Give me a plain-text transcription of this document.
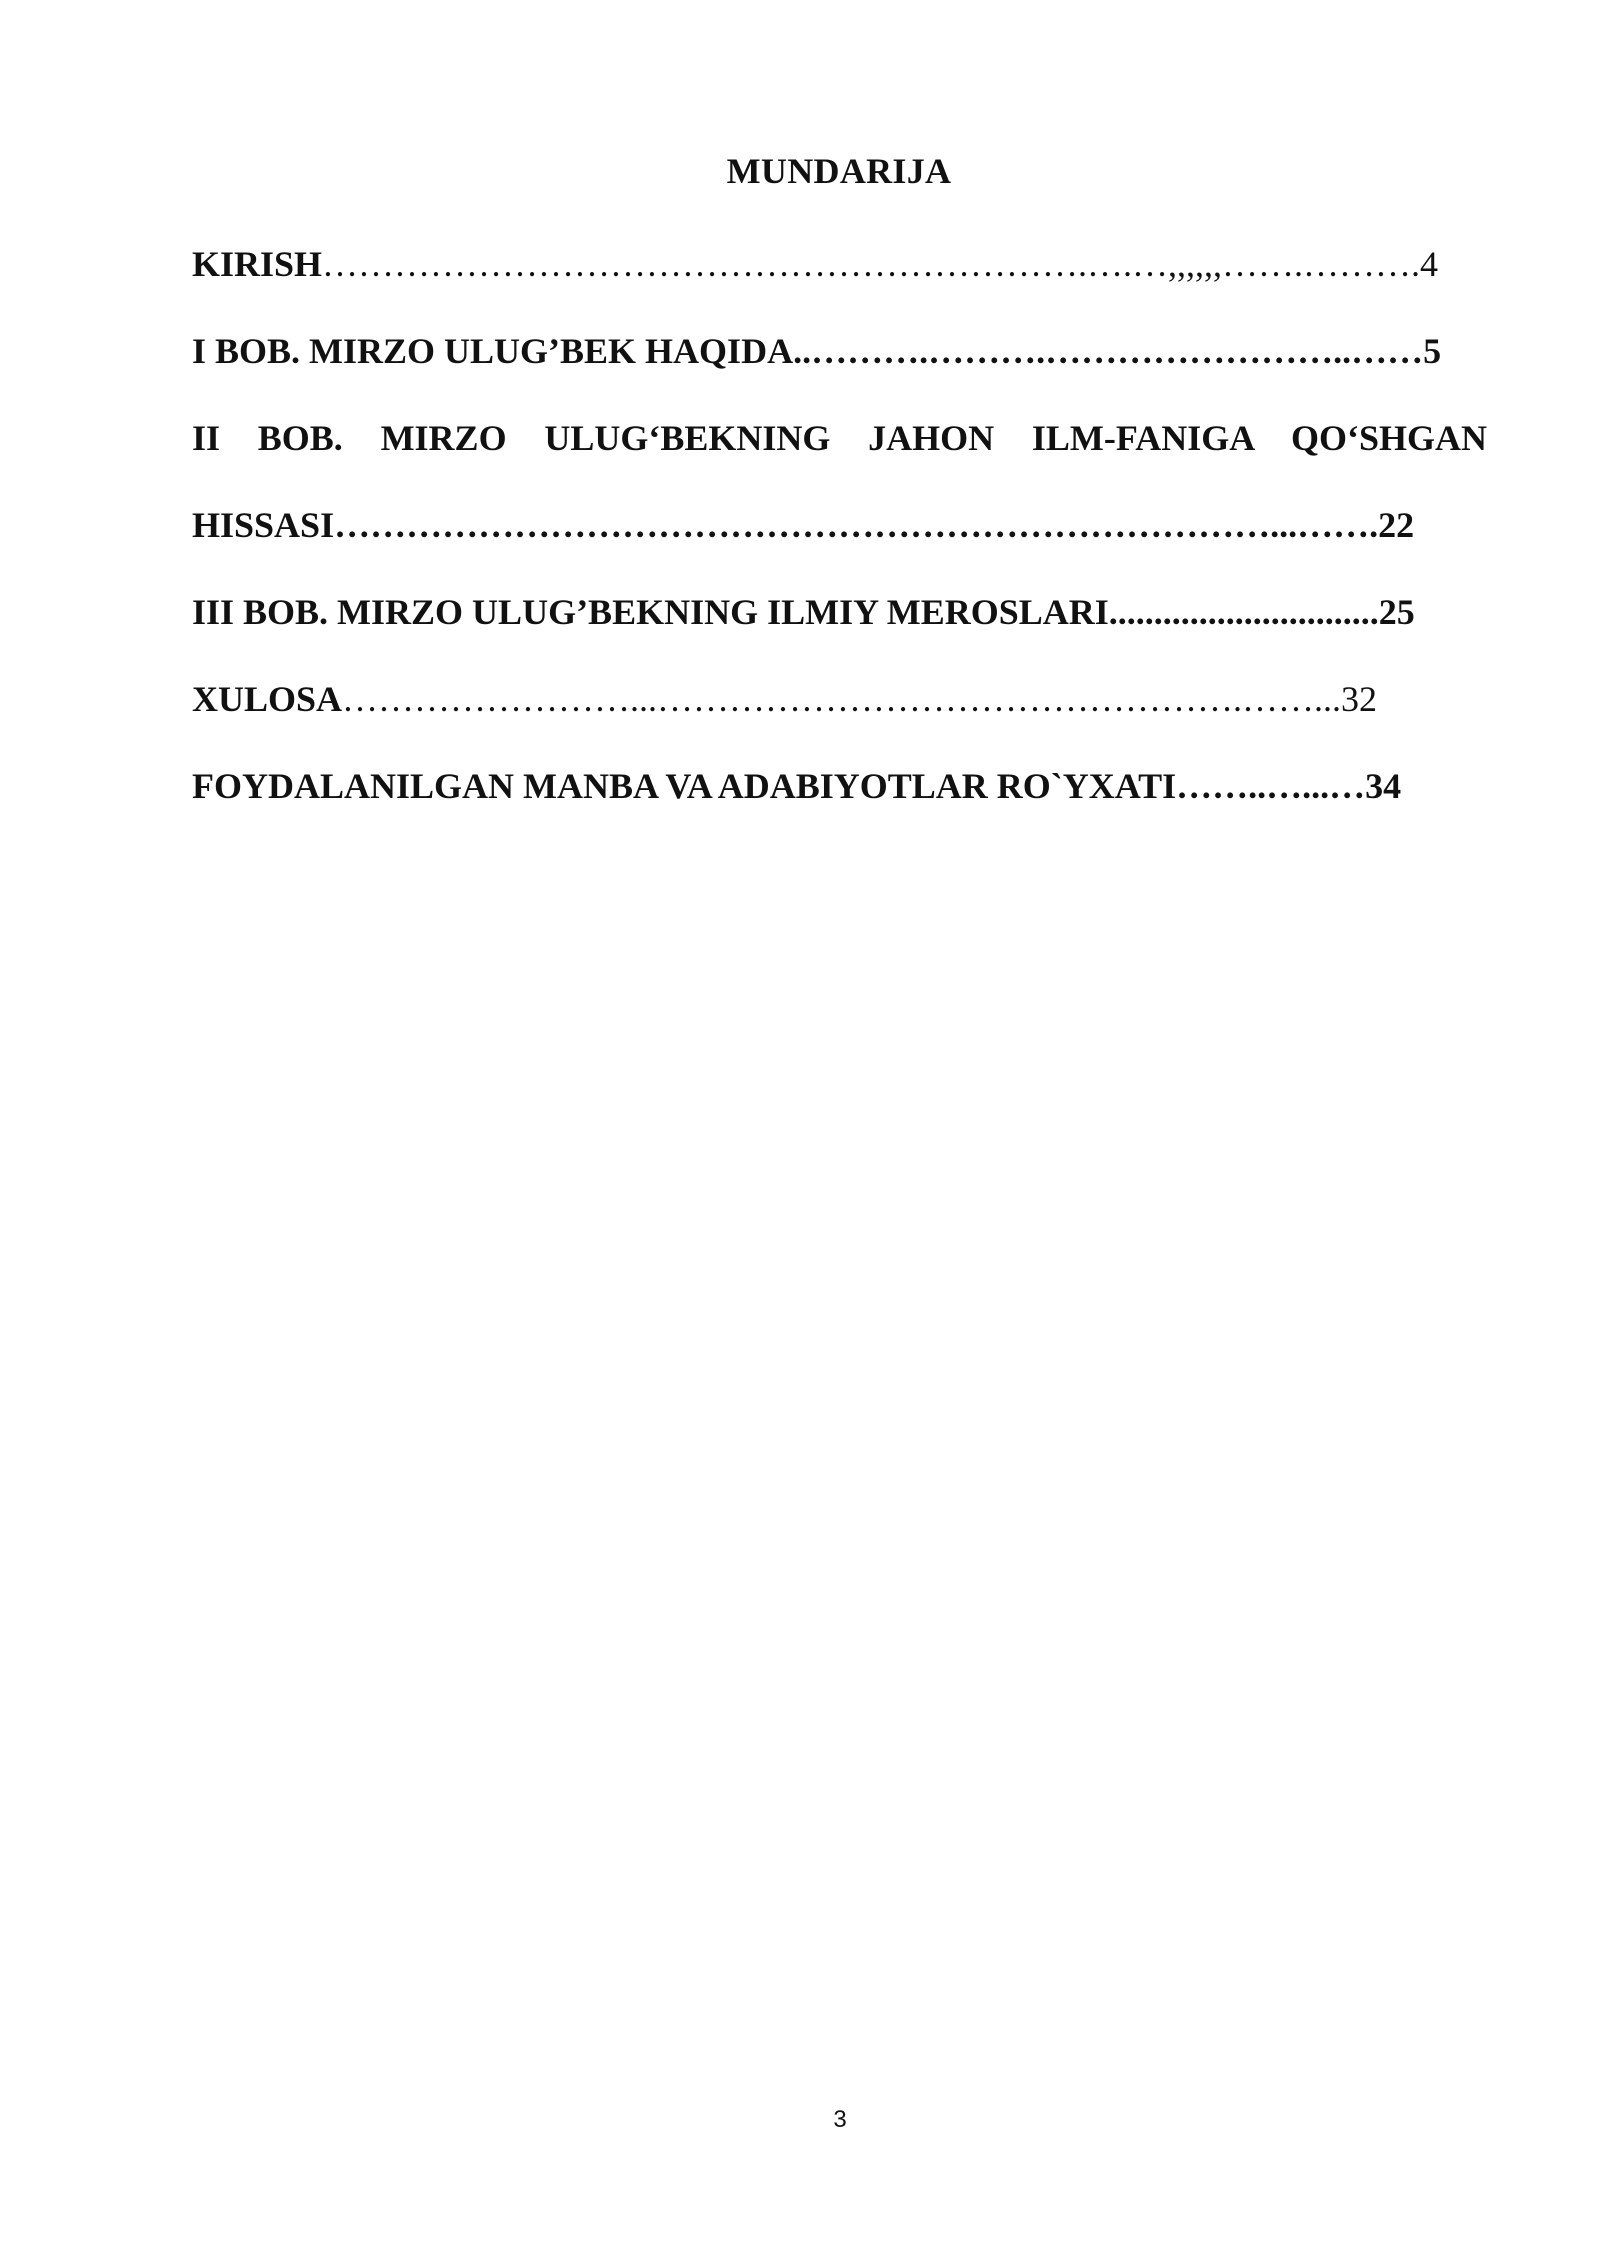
MUNDARIJA
KIRISH……………………………………………………….….…,,,,,,…….……….4
I BOB. MIRZO ULUG’BEK HAQIDA..……….……….……………………..……5
II BOB. MIRZO ULUG‘BEKNING JAHON ILM-FANIGA QO‘SHGAN
HISSASI……………………………………………………………………...…….22
III BOB. MIRZO ULUG’BEKNING ILMIY MEROSLARI..............................25
XULOSA……………………...………………………………………….……...32
FOYDALANILGAN MANBA VA ADABIYOTLAR RO`YXATI……..…...…34
3
